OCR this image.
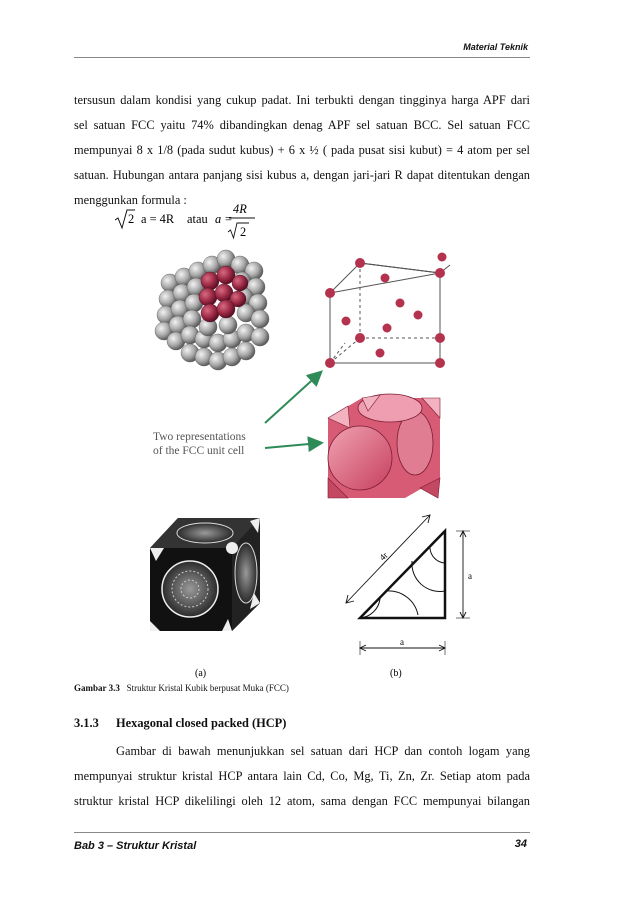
Material Teknik
tersusun dalam kondisi yang cukup padat. Ini terbukti dengan tingginya harga APF dari
sel satuan FCC yaitu 74% dibandingkan denag APF sel satuan BCC. Sel satuan FCC
mempunyai 8 x 1/8 (pada sudut kubus) + 6 x ½ ( pada pusat sisi kubut) = 4 atom per sel
satuan. Hubungan antara panjang sisi kubus a, dengan jari-jari R dapat ditentukan dengan
menggunkan formula :
2 a = 4R atau a =
4R
2
Two representations
of the FCC unit cell
(a)
4r
a
a
(b)
Gambar 3.3 Struktur Kristal Kubik berpusat Muka (FCC)
3.1.3 Hexagonal closed packed (HCP)
Gambar di bawah menunjukkan sel satuan dari HCP dan contoh logam yang
mempunyai struktur kristal HCP antara lain Cd, Co, Mg, Ti, Zn, Zr. Setiap atom pada
struktur kristal HCP dikelilingi oleh 12 atom, sama dengan FCC mempunyai bilangan
Bab 3 – Struktur Kristal	34
